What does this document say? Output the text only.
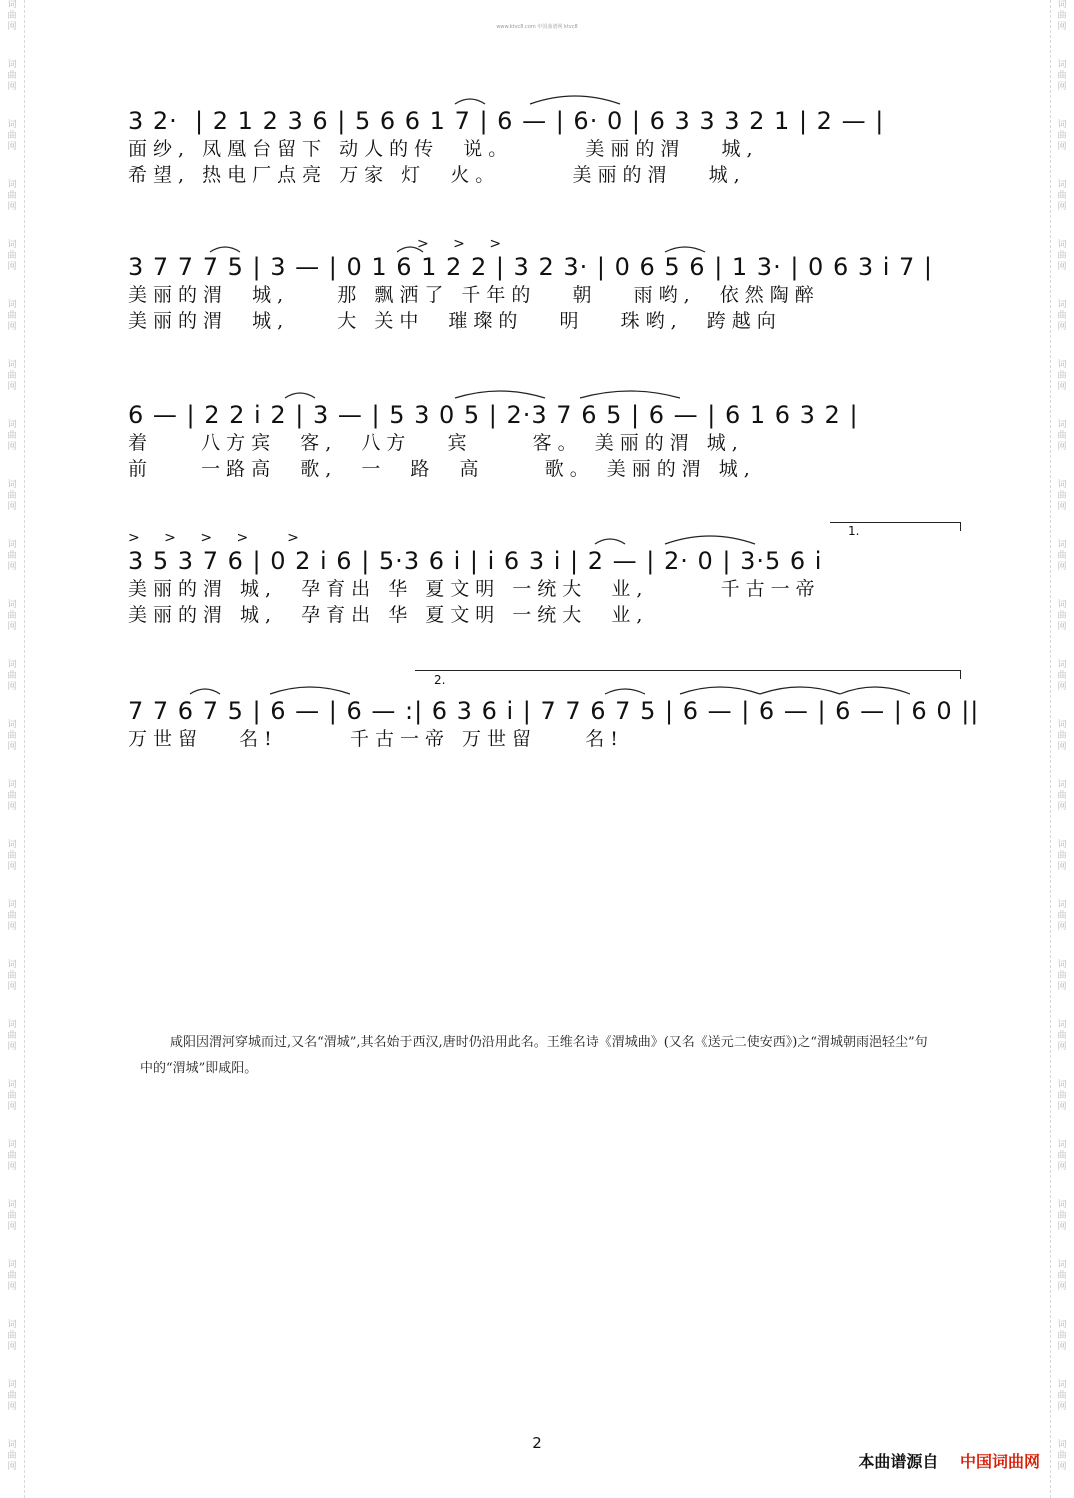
词
曲
网
词
曲
网
词
曲
网
词
曲
网
词
曲
网
词
曲
网
词
曲
网
词
曲
网
词
曲
网
词
曲
网
词
曲
网
词
曲
网
词
曲
网
词
曲
网
词
曲
网
词
曲
网
词
曲
网
词
曲
网
词
曲
网
词
曲
网
词
曲
网
词
曲
网
词
曲
网
词
曲
网
词
曲
网
词
曲
网
词
曲
网
词
曲
网
词
曲
网
词
曲
网
词
曲
网
词
曲
网
词
曲
网
词
曲
网
词
曲
网
词
曲
网
词
曲
网
词
曲
网
词
曲
网
词
曲
网
词
曲
网
词
曲
网
词
曲
网
词
曲
网
词
曲
网
词
曲
网
词
曲
网
词
曲
网
词
曲
网
词
曲
网
www.ktvc8.com 中国曲谱网 ktvc8
3 2·  | 2 1 2 3 6 | 5 6 6 1 7 | 6 — | 6· 0 | 6 3 3 3 2 1 | 2 — |
面纱, 凤凰台留下 动人的传  说。      美丽的渭   城,
希望, 热电厂点亮 万家 灯  火。      美丽的渭   城,
> > >
3 7 7 7 5 | 3 — | 0 1 6 1 2 2 | 3 2 3· | 0 6 5 6 | 1 3· | 0 6 3 i 7 |
美丽的渭  城,    那 飘洒了 千年的   朝   雨哟,  依然陶醉
美丽的渭  城,    大 关中  璀璨的   明   珠哟,  跨越向
6 — | 2 2 i 2 | 3 — | 5 3 0 5 | 2·3 7 6 5 | 6 — | 6 1 6 3 2 |
着    八方宾  客,  八方   宾     客。 美丽的渭 城,
前    一路高  歌,  一  路  高     歌。 美丽的渭 城,
> > > >  >
3 5 3 7 6 | 0 2 i 6 | 5·3 6 i | i 6 3 i | 2 — | 2· 0 | 3·5 6 i
美丽的渭 城,  孕育出 华 夏文明 一统大  业,      千古一帝
美丽的渭 城,  孕育出 华 夏文明 一统大  业,
1.
7 7 6 7 5 | 6 — | 6 — :| 6 3 6 i | 7 7 6 7 5 | 6 — | 6 — | 6 — | 6 0 ||
万世留   名!      千古一帝 万世留    名!
2.

咸阳因渭河穿城而过,又名“渭城”,其名始于西汉,唐时仍沿用此名。王维名诗《渭城曲》(又名《送元二使安西》)之“渭城朝雨浥轻尘”句中的“渭城”即咸阳。

2
本曲谱源自 中国词曲网
